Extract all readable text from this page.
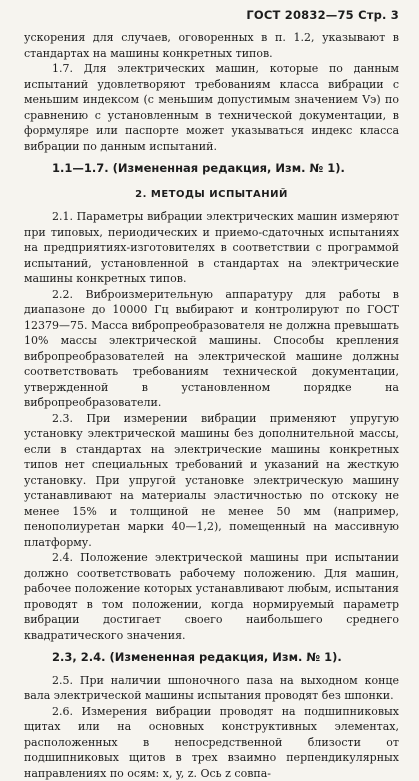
ГОСТ 20832—75 Стр. 3

ускорения для случаев, оговоренных в п. 1.2, указывают в стандартах на машины конкретных типов.

1.7. Для электрических машин, которые по данным испытаний удовлетворяют требованиям класса вибрации с меньшим индексом (с меньшим допустимым значением Vэ) по сравнению с установленным в технической документации, в формуляре или паспорте может указываться индекс класса вибрации по данным испытаний.

1.1—1.7. (Измененная редакция, Изм. № 1).
2. МЕТОДЫ ИСПЫТАНИЙ

2.1. Параметры вибрации электрических машин измеряют при типовых, периодических и приемо-сдаточных испытаниях на предприятиях-изготовителях в соответствии с программой испытаний, установленной в стандартах на электрические машины конкретных типов.

2.2. Виброизмерительную аппаратуру для работы в диапазоне до 10000 Гц выбирают и контролируют по ГОСТ 12379—75. Масса вибропреобразователя не должна превышать 10% массы электрической машины. Способы крепления вибропреобразователей на электрической машине должны соответствовать требованиям технической документации, утвержденной в установленном порядке на вибропреобразователи.

2.3. При измерении вибрации применяют упругую установку электрической машины без дополнительной массы, если в стандартах на электрические машины конкретных типов нет специальных требований и указаний на жесткую установку. При упругой установке электрическую машину устанавливают на материалы эластичностью по отскоку не менее 15% и толщиной не менее 50 мм (например, пенополиуретан марки 40—1,2), помещенный на массивную платформу.

2.4. Положение электрической машины при испытании должно соответствовать рабочему положению. Для машин, рабочее положение которых устанавливают любым, испытания проводят в том положении, когда нормируемый параметр вибрации достигает своего наибольшего среднего квадратического значения.

2.3, 2.4. (Измененная редакция, Изм. № 1).

2.5. При наличии шпоночного паза на выходном конце вала электрической машины испытания проводят без шпонки.

2.6. Измерения вибрации проводят на подшипниковых щитах или на основных конструктивных элементах, расположенных в непосредственной близости от подшипниковых щитов в трех взаимно перпендикулярных направлениях по осям: x, y, z. Ось z совпа-
